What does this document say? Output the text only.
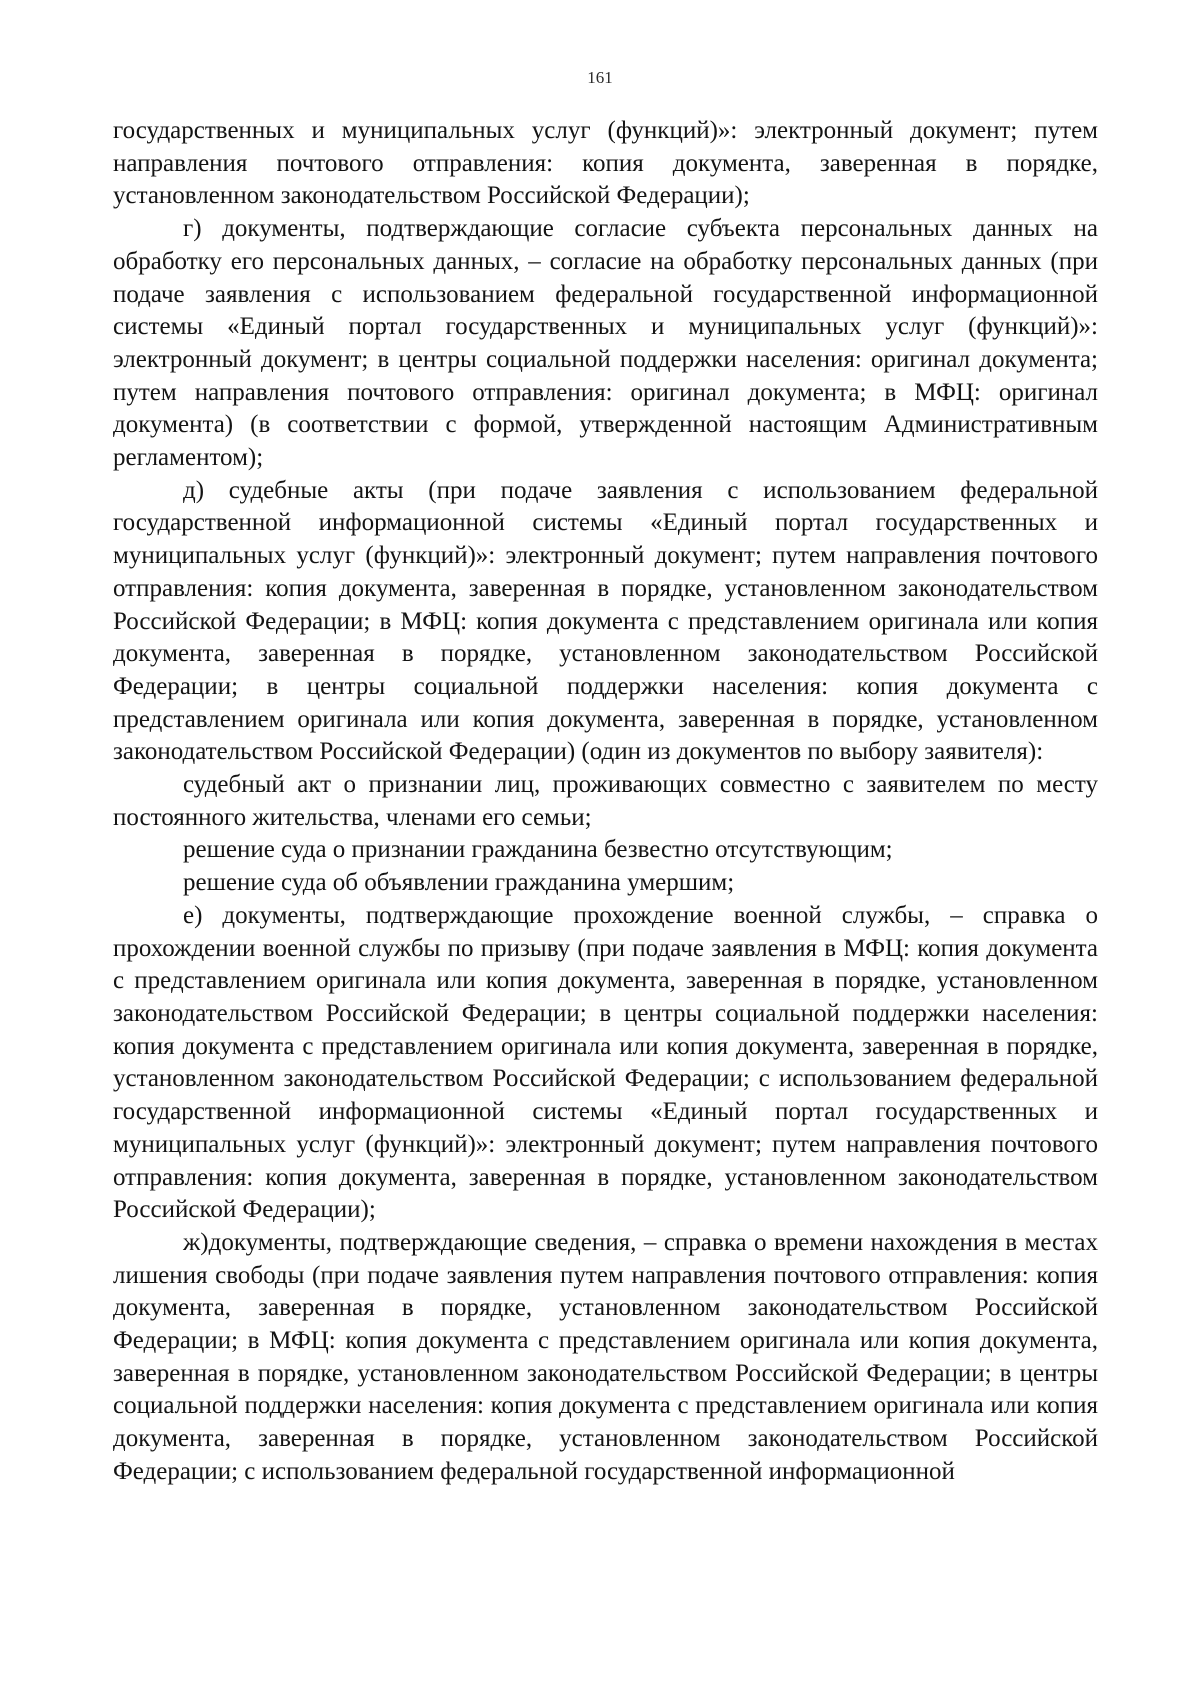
161

государственных и муниципальных услуг (функций)»: электронный документ; путем направления почтового отправления: копия документа, заверенная в порядке, установленном законодательством Российской Федерации);

г) документы, подтверждающие согласие субъекта персональных данных на обработку его персональных данных, – согласие на обработку персональных данных (при подаче заявления с использованием федеральной государственной информационной системы «Единый портал государственных и муниципальных услуг (функций)»: электронный документ; в центры социальной поддержки населения: оригинал документа; путем направления почтового отправления: оригинал документа; в МФЦ: оригинал документа) (в соответствии с формой, утвержденной настоящим Административным регламентом);

д) судебные акты (при подаче заявления с использованием федеральной государственной информационной системы «Единый портал государственных и муниципальных услуг (функций)»: электронный документ; путем направления почтового отправления: копия документа, заверенная в порядке, установленном законодательством Российской Федерации; в МФЦ: копия документа с представлением оригинала или копия документа, заверенная в порядке, установленном законодательством Российской Федерации; в центры социальной поддержки населения: копия документа с представлением оригинала или копия документа, заверенная в порядке, установленном законодательством Российской Федерации) (один из документов по выбору заявителя):

судебный акт о признании лиц, проживающих совместно с заявителем по месту постоянного жительства, членами его семьи;

решение суда о признании гражданина безвестно отсутствующим;

решение суда об объявлении гражданина умершим;

е) документы, подтверждающие прохождение военной службы, – справка о прохождении военной службы по призыву (при подаче заявления в МФЦ: копия документа с представлением оригинала или копия документа, заверенная в порядке, установленном законодательством Российской Федерации; в центры социальной поддержки населения: копия документа с представлением оригинала или копия документа, заверенная в порядке, установленном законодательством Российской Федерации; с использованием федеральной государственной информационной системы «Единый портал государственных и муниципальных услуг (функций)»: электронный документ; путем направления почтового отправления: копия документа, заверенная в порядке, установленном законодательством Российской Федерации);

ж)документы, подтверждающие сведения, – справка о времени нахождения в местах лишения свободы (при подаче заявления путем направления почтового отправления: копия документа, заверенная в порядке, установленном законодательством Российской Федерации; в МФЦ: копия документа с представлением оригинала или копия документа, заверенная в порядке, установленном законодательством Российской Федерации; в центры социальной поддержки населения: копия документа с представлением оригинала или копия документа, заверенная в порядке, установленном законодательством Российской Федерации; с использованием федеральной государственной информационной
